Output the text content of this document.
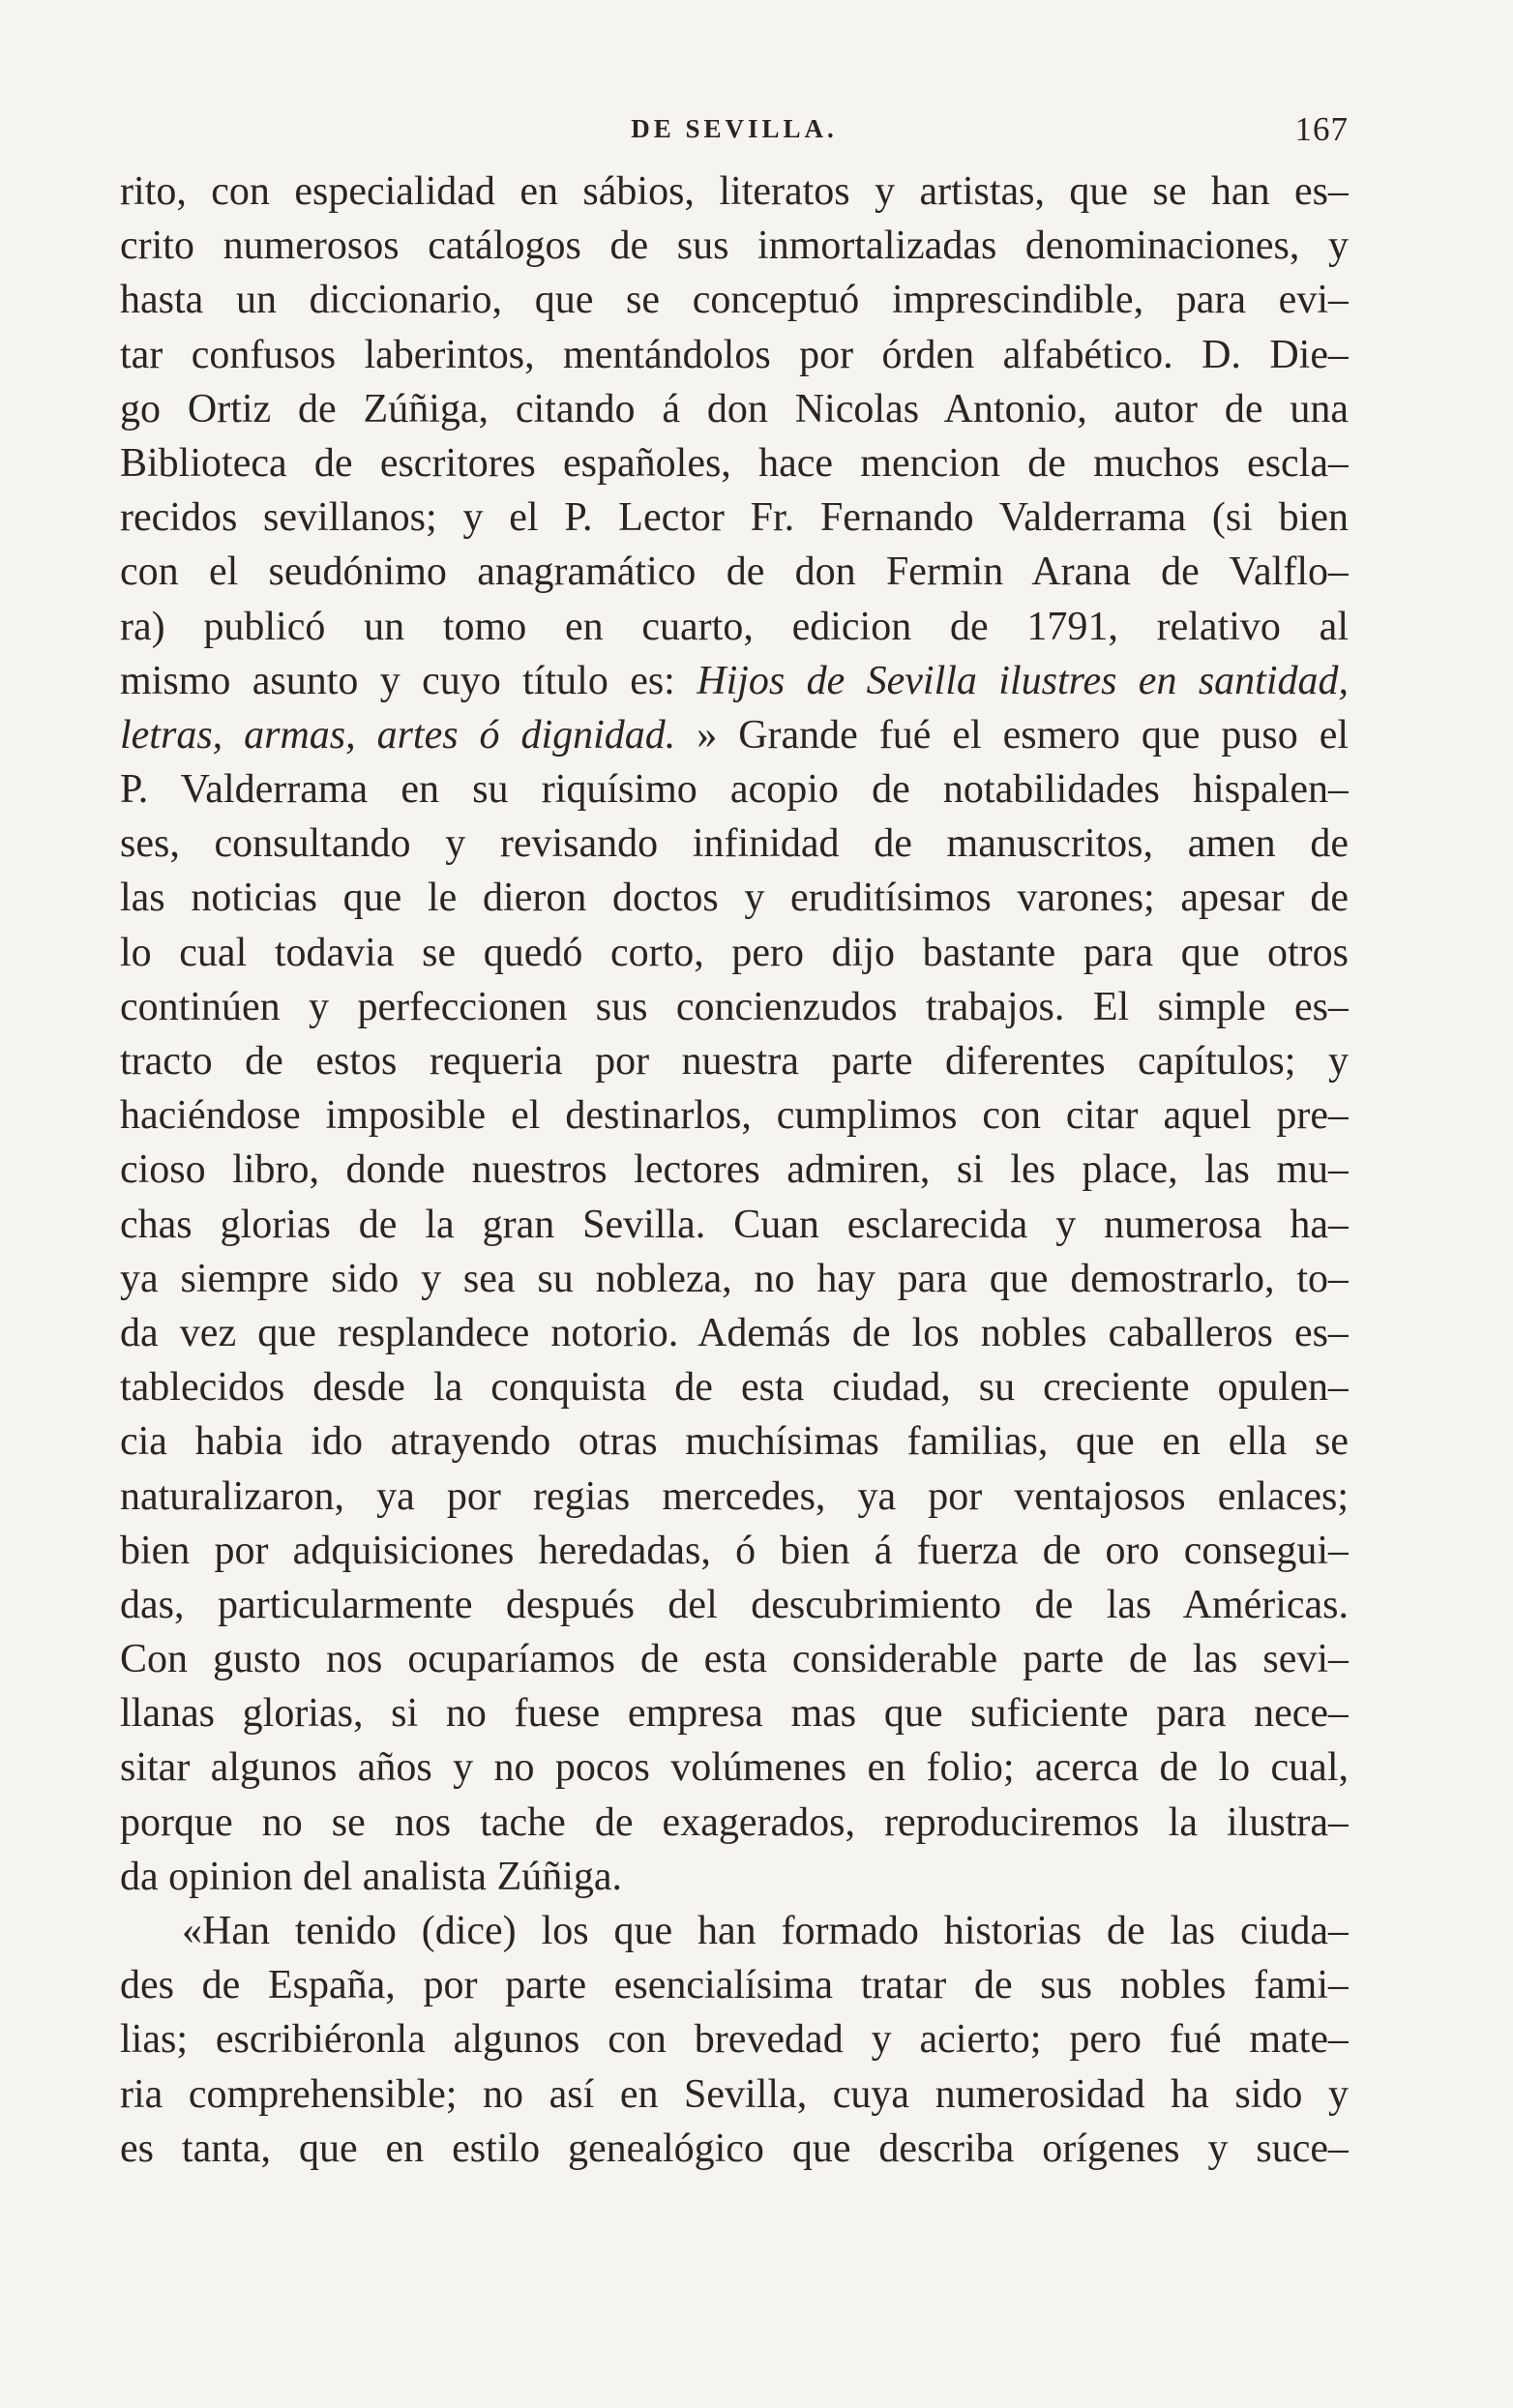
DE SEVILLA.	167
rito, con especialidad en sábios, literatos y artistas, que se han es–
crito numerosos catálogos de sus inmortalizadas denominaciones, y
hasta un diccionario, que se conceptuó imprescindible, para evi–
tar confusos laberintos, mentándolos por órden alfabético. D. Die–
go Ortiz de Zúñiga, citando á don Nicolas Antonio, autor de una
Biblioteca de escritores españoles, hace mencion de muchos escla–
recidos sevillanos; y el P. Lector Fr. Fernando Valderrama (si bien
con el seudónimo anagramático de don Fermin Arana de Valflo–
ra) publicó un tomo en cuarto, edicion de 1791, relativo al
mismo asunto y cuyo título es: Hijos de Sevilla ilustres en santidad,
letras, armas, artes ó dignidad. » Grande fué el esmero que puso el
P. Valderrama en su riquísimo acopio de notabilidades hispalen–
ses, consultando y revisando infinidad de manuscritos, amen de
las noticias que le dieron doctos y eruditísimos varones; apesar de
lo cual todavia se quedó corto, pero dijo bastante para que otros
continúen y perfeccionen sus concienzudos trabajos. El simple es–
tracto de estos requeria por nuestra parte diferentes capítulos; y
haciéndose imposible el destinarlos, cumplimos con citar aquel pre–
cioso libro, donde nuestros lectores admiren, si les place, las mu–
chas glorias de la gran Sevilla. Cuan esclarecida y numerosa ha–
ya siempre sido y sea su nobleza, no hay para que demostrarlo, to–
da vez que resplandece notorio. Además de los nobles caballeros es–
tablecidos desde la conquista de esta ciudad, su creciente opulen–
cia habia ido atrayendo otras muchísimas familias, que en ella se
naturalizaron, ya por regias mercedes, ya por ventajosos enlaces;
bien por adquisiciones heredadas, ó bien á fuerza de oro consegui–
das, particularmente después del descubrimiento de las Américas.
Con gusto nos ocuparíamos de esta considerable parte de las sevi–
llanas glorias, si no fuese empresa mas que suficiente para nece–
sitar algunos años y no pocos volúmenes en folio; acerca de lo cual,
porque no se nos tache de exagerados, reproduciremos la ilustra–
da opinion del analista Zúñiga.
«Han tenido (dice) los que han formado historias de las ciuda–
des de España, por parte esencialísima tratar de sus nobles fami–
lias; escribiéronla algunos con brevedad y acierto; pero fué mate–
ria comprehensible; no así en Sevilla, cuya numerosidad ha sido y
es tanta, que en estilo genealógico que describa orígenes y suce–
